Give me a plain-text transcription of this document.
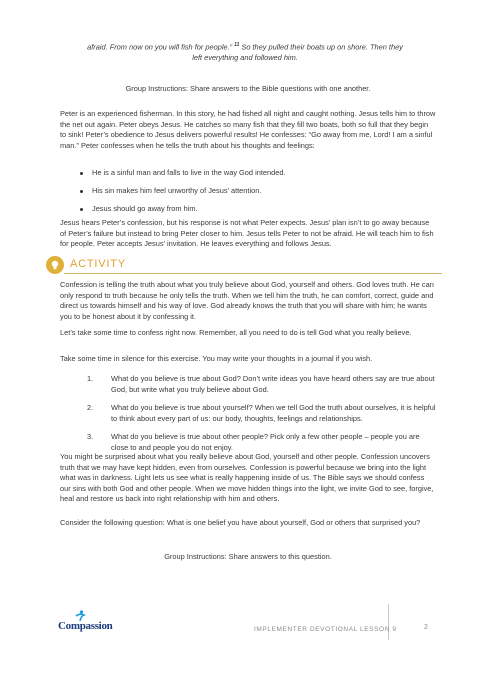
afraid. From now on you will fish for people.” $^{11}$ So they pulled their boats up on shore. Then they left everything and followed him.

Group Instructions: Share answers to the Bible questions with one another.

Peter is an experienced fisherman. In this story, he had fished all night and caught nothing. Jesus tells him to throw the net out again. Peter obeys Jesus. He catches so many fish that they fill two boats, both so full that they begin to sink! Peter’s obedience to Jesus delivers powerful results! He confesses: “Go away from me, Lord! I am a sinful man.” Peter confesses when he tells the truth about his thoughts and feelings:

He is a sinful man and falls to live in the way God intended.
His sin makes him feel unworthy of Jesus’ attention.
Jesus should go away from him.

Jesus hears Peter’s confession, but his response is not what Peter expects. Jesus’ plan isn’t to go away because of Peter’s failure but instead to bring Peter closer to him. Jesus tells Peter to not be afraid. He will teach him to fish for people. Peter accepts Jesus’ invitation. He leaves everything and follows Jesus.

ACTIVITY

Confession is telling the truth about what you truly believe about God, yourself and others. God loves truth. He can only respond to truth because he only tells the truth. When we tell him the truth, he can comfort, correct, guide and direct us towards himself and his way of love. God already knows the truth that you will share with him; he wants you to be honest about it by confessing it.

Let’s take some time to confess right now. Remember, all you need to do is tell God what you really believe.

Take some time in silence for this exercise. You may write your thoughts in a journal if you wish.

1. What do you believe is true about God? Don’t write ideas you have heard others say are true about God, but write what you truly believe about God.
2. What do you believe is true about yourself? When we tell God the truth about ourselves, it is helpful to think about every part of us: our body, thoughts, feelings and relationships.
3. What do you believe is true about other people? Pick only a few other people – people you are close to and people you do not enjoy.

You might be surprised about what you really believe about God, yourself and other people. Confession uncovers truth that we may have kept hidden, even from ourselves. Confession is powerful because we bring into the light what was in darkness. Light lets us see what is really happening inside of us. The Bible says we should confess our sins with both God and other people. When we move hidden things into the light, we invite God to see, forgive, heal and restore us back into right relationship with him and others.

Consider the following question: What is one belief you have about yourself, God or others that surprised you?

Group Instructions: Share answers to this question.

Compassion	IMPLEMENTER DEVOTIONAL LESSON 9	2
